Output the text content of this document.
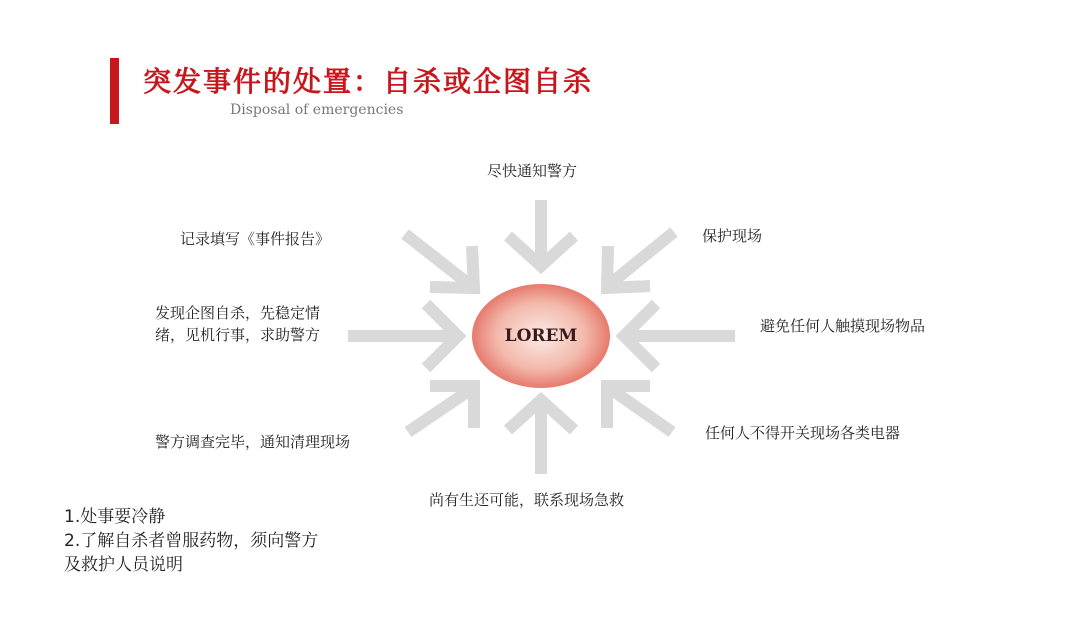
突发事件的处置：自杀或企图自杀
Disposal of emergencies
LOREM
尽快通知警方
保护现场
避免任何人触摸现场物品
任何人不得开关现场各类电器
尚有生还可能，联系现场急救
警方调查完毕，通知清理现场
发现企图自杀，先稳定情绪，见机行事，求助警方
记录填写《事件报告》
1.处事要冷静
2.了解自杀者曾服药物，须向警方及救护人员说明
